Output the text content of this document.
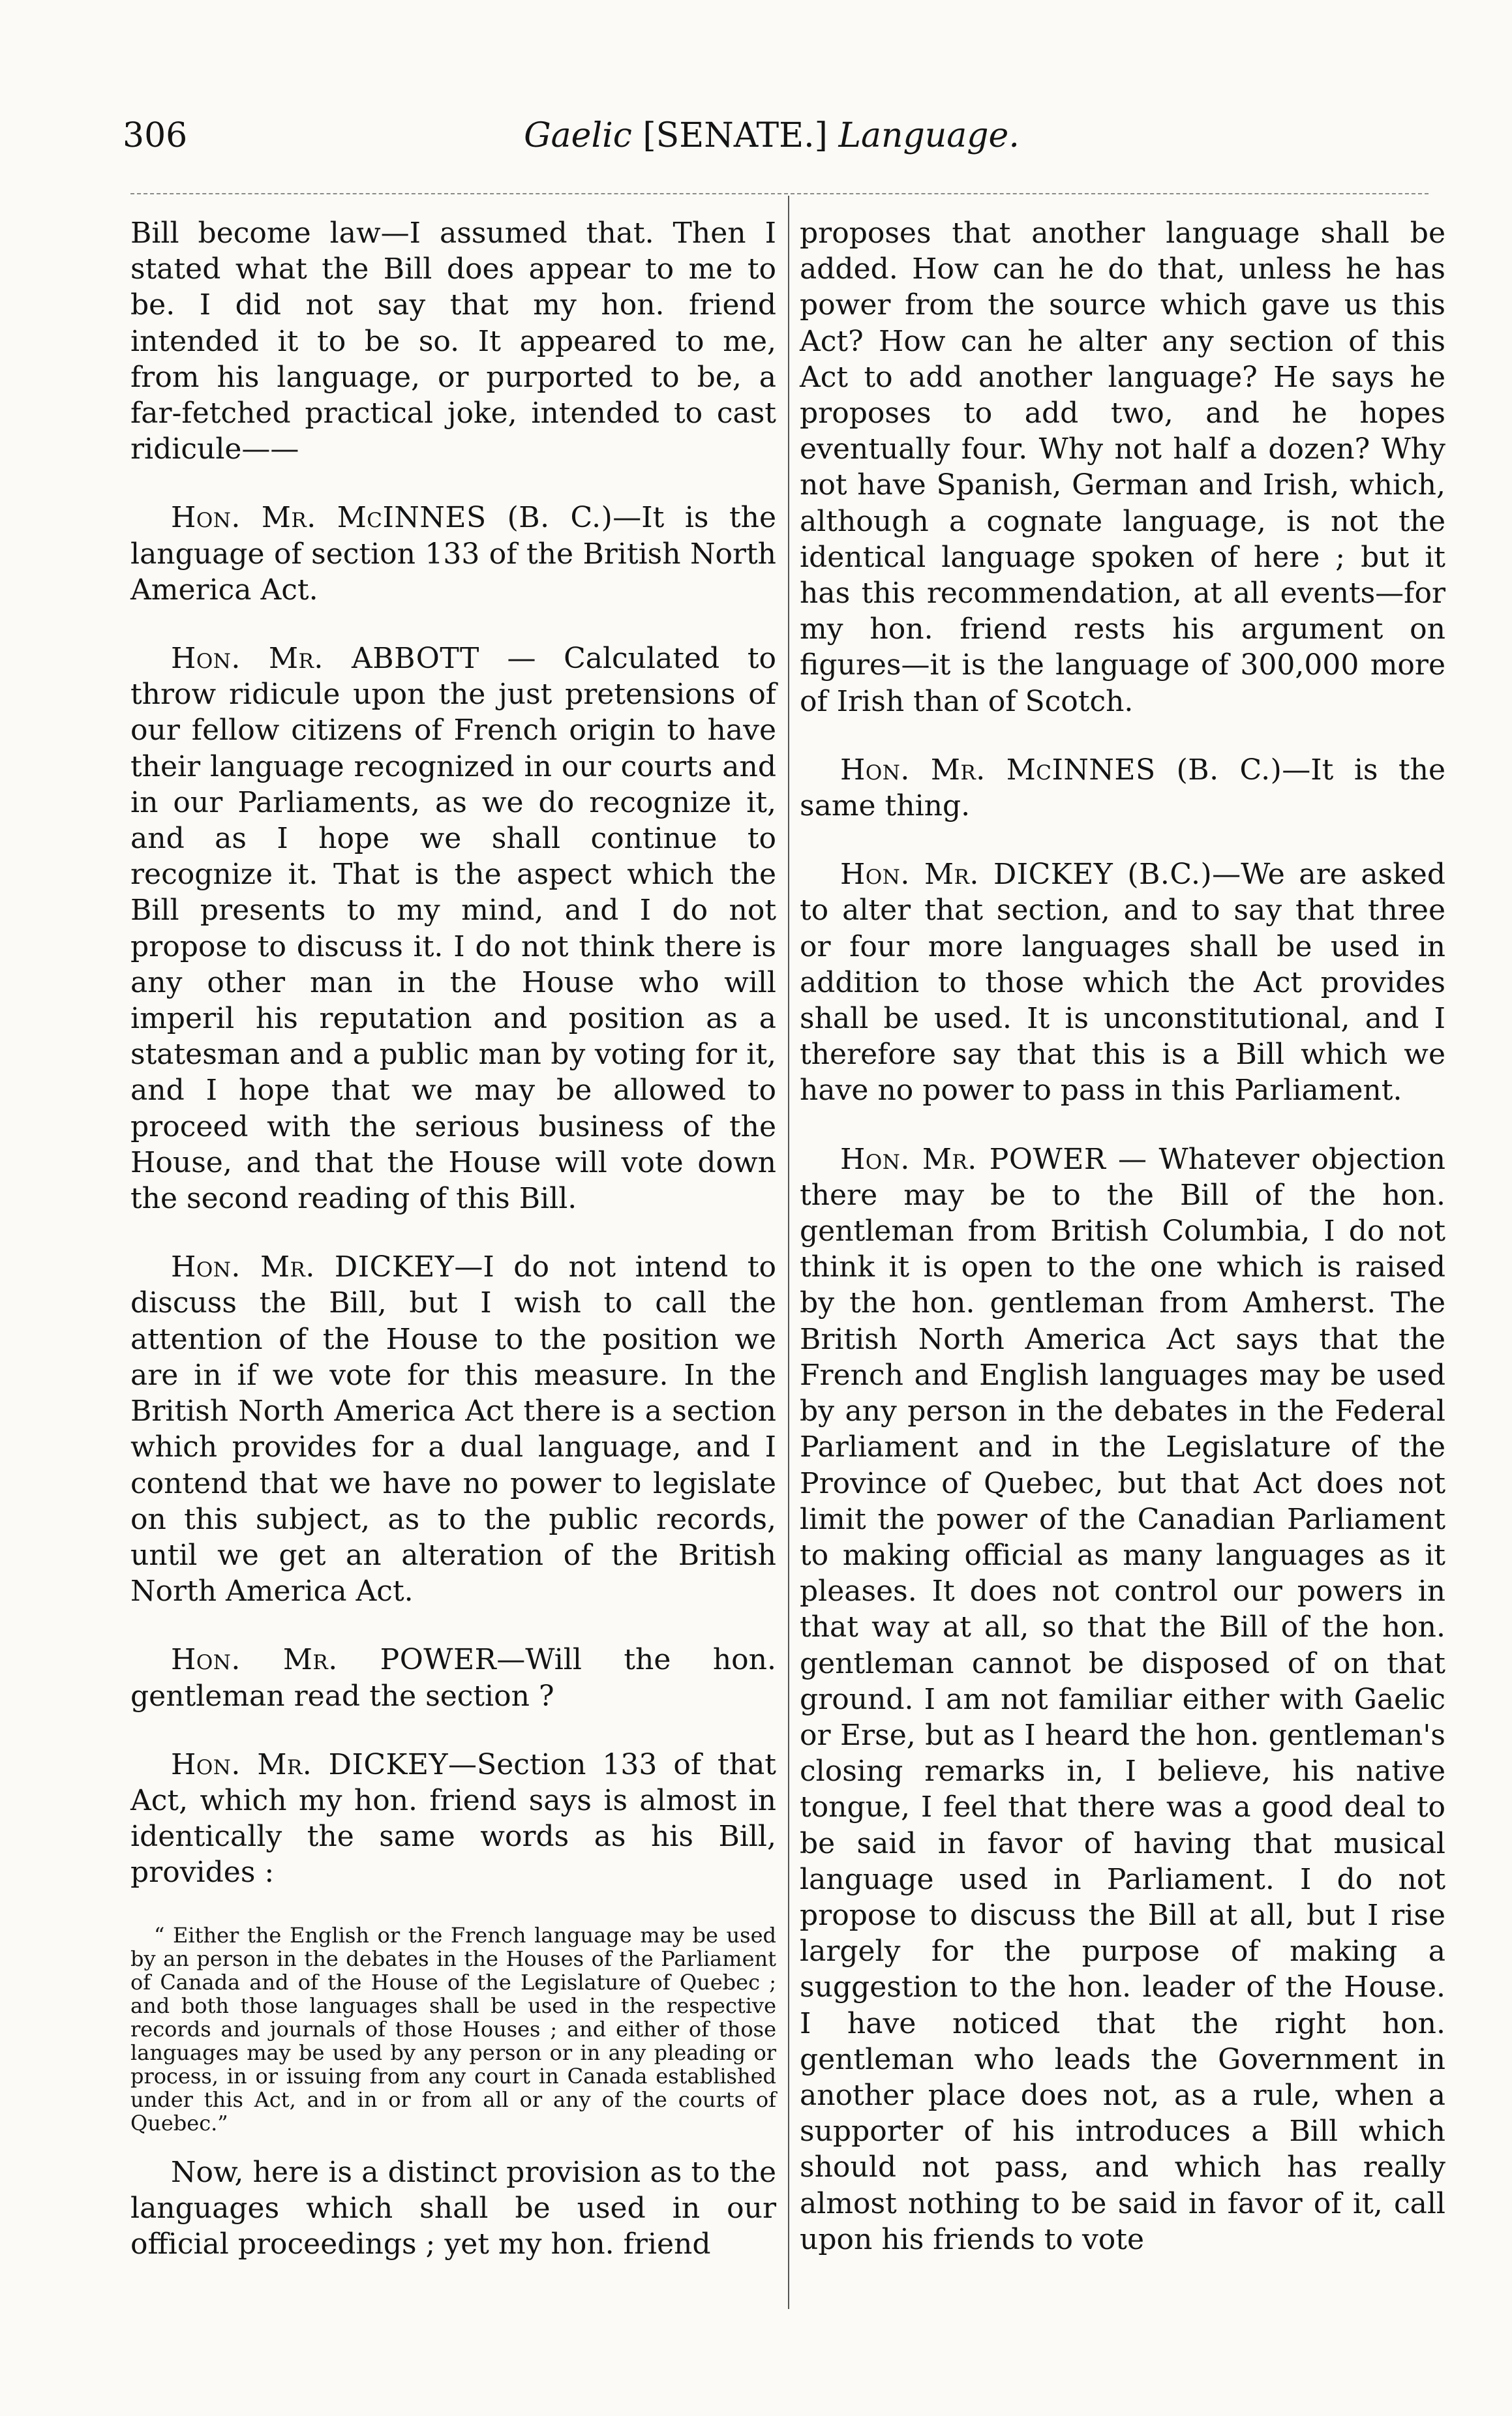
306	Gaelic [SENATE.] Language.

Bill become law—I assumed that. Then I stated what the Bill does appear to me to be. I did not say that my hon. friend intended it to be so. It appeared to me, from his language, or purported to be, a far-fetched practical joke, intended to cast ridicule——

Hon. Mr. McINNES (B. C.)—It is the language of section 133 of the British North America Act.

Hon. Mr. ABBOTT — Calculated to throw ridicule upon the just pretensions of our fellow citizens of French origin to have their language recognized in our courts and in our Parliaments, as we do recognize it, and as I hope we shall continue to recognize it. That is the aspect which the Bill presents to my mind, and I do not propose to discuss it. I do not think there is any other man in the House who will imperil his reputation and position as a statesman and a public man by voting for it, and I hope that we may be allowed to proceed with the serious business of the House, and that the House will vote down the second reading of this Bill.

Hon. Mr. DICKEY—I do not intend to discuss the Bill, but I wish to call the attention of the House to the position we are in if we vote for this measure. In the British North America Act there is a section which provides for a dual language, and I contend that we have no power to legislate on this subject, as to the public records, until we get an alteration of the British North America Act.

Hon. Mr. POWER—Will the hon. gentleman read the section ?

Hon. Mr. DICKEY—Section 133 of that Act, which my hon. friend says is almost in identically the same words as his Bill, provides :

“ Either the English or the French language may be used by an person in the debates in the Houses of the Parliament of Canada and of the House of the Legislature of Quebec ; and both those languages shall be used in the respective records and journals of those Houses ; and either of those languages may be used by any person or in any pleading or process, in or issuing from any court in Canada established under this Act, and in or from all or any of the courts of Quebec.”

Now, here is a distinct provision as to the languages which shall be used in our official proceedings ; yet my hon. friend

proposes that another language shall be added. How can he do that, unless he has power from the source which gave us this Act? How can he alter any section of this Act to add another language? He says he proposes to add two, and he hopes eventually four. Why not half a dozen? Why not have Spanish, German and Irish, which, although a cognate language, is not the identical language spoken of here ; but it has this recommendation, at all events—for my hon. friend rests his argument on figures—it is the language of 300,000 more of Irish than of Scotch.

Hon. Mr. McINNES (B. C.)—It is the same thing.

Hon. Mr. DICKEY (B.C.)—We are asked to alter that section, and to say that three or four more languages shall be used in addition to those which the Act provides shall be used. It is unconstitutional, and I therefore say that this is a Bill which we have no power to pass in this Parliament.

Hon. Mr. POWER — Whatever objection there may be to the Bill of the hon. gentleman from British Columbia, I do not think it is open to the one which is raised by the hon. gentleman from Amherst. The British North America Act says that the French and English languages may be used by any person in the debates in the Federal Parliament and in the Legislature of the Province of Quebec, but that Act does not limit the power of the Canadian Parliament to making official as many languages as it pleases. It does not control our powers in that way at all, so that the Bill of the hon. gentleman cannot be disposed of on that ground. I am not familiar either with Gaelic or Erse, but as I heard the hon. gentleman's closing remarks in, I believe, his native tongue, I feel that there was a good deal to be said in favor of having that musical language used in Parliament. I do not propose to discuss the Bill at all, but I rise largely for the purpose of making a suggestion to the hon. leader of the House. I have noticed that the right hon. gentleman who leads the Government in another place does not, as a rule, when a supporter of his introduces a Bill which should not pass, and which has really almost nothing to be said in favor of it, call upon his friends to vote
